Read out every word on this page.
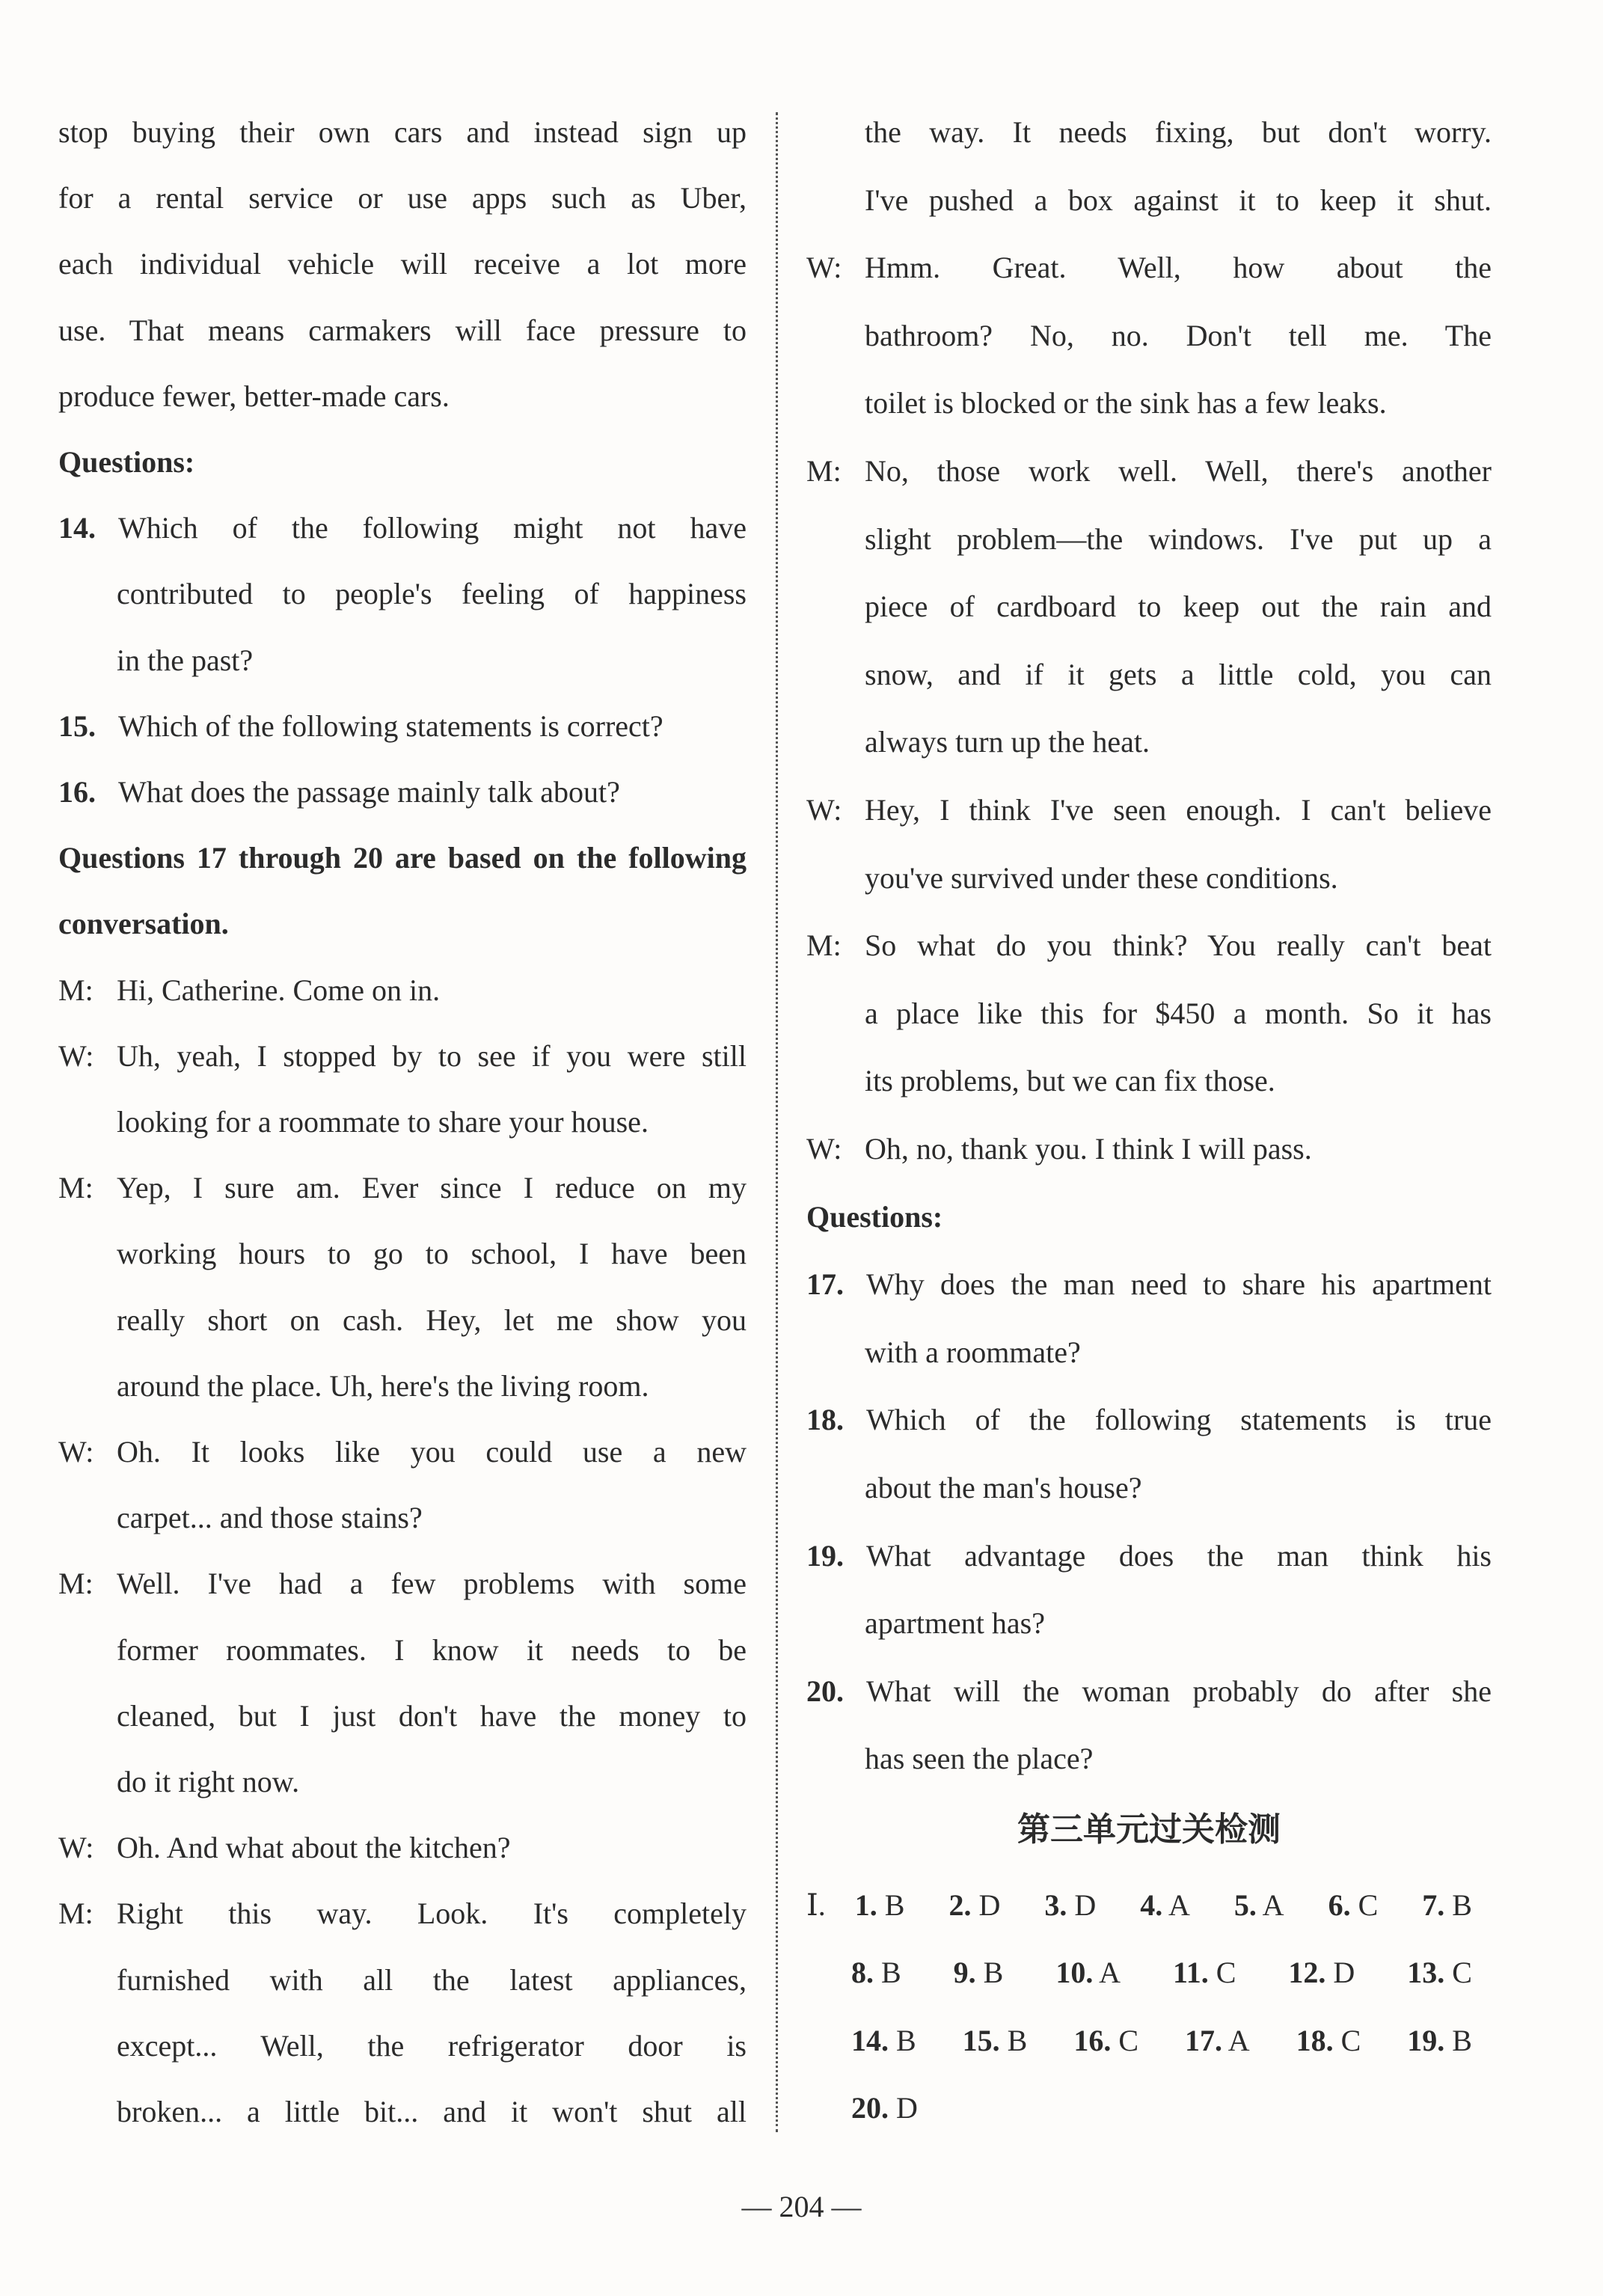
stop buying their own cars and instead sign up
for a rental service or use apps such as Uber,
each individual vehicle will receive a lot more
use. That means carmakers will face pressure to
produce fewer, better-made cars.
Questions:
14. Which of the following might not have
contributed to people's feeling of happiness
in the past?
15. Which of the following statements is correct?
16. What does the passage mainly talk about?
Questions 17 through 20 are based on the following
conversation.
M: Hi, Catherine. Come on in.
W: Uh, yeah, I stopped by to see if you were still
looking for a roommate to share your house.
M: Yep, I sure am. Ever since I reduce on my
working hours to go to school, I have been
really short on cash. Hey, let me show you
around the place. Uh, here's the living room.
W: Oh. It looks like you could use a new
carpet... and those stains?
M: Well. I've had a few problems with some
former roommates. I know it needs to be
cleaned, but I just don't have the money to
do it right now.
W: Oh. And what about the kitchen?
M: Right this way. Look. It's completely
furnished with all the latest appliances,
except... Well, the refrigerator door is
broken... a little bit... and it won't shut all
the way. It needs fixing, but don't worry.
I've pushed a box against it to keep it shut.
W: Hmm. Great. Well, how about the
bathroom? No, no. Don't tell me. The
toilet is blocked or the sink has a few leaks.
M: No, those work well. Well, there's another
slight problem—the windows. I've put up a
piece of cardboard to keep out the rain and
snow, and if it gets a little cold, you can
always turn up the heat.
W: Hey, I think I've seen enough. I can't believe
you've survived under these conditions.
M: So what do you think? You really can't beat
a place like this for $450 a month. So it has
its problems, but we can fix those.
W: Oh, no, thank you. I think I will pass.
Questions:
17. Why does the man need to share his apartment
with a roommate?
18. Which of the following statements is true
about the man's house?
19. What advantage does the man think his
apartment has?
20. What will the woman probably do after she
has seen the place?
第三单元过关检测
Ⅰ. 1. B 2. D 3. D 4. A 5. A 6. C 7. B
8. B 9. B 10. A 11. C 12. D 13. C
14. B 15. B 16. C 17. A 18. C 19. B
20. D
— 204 —
